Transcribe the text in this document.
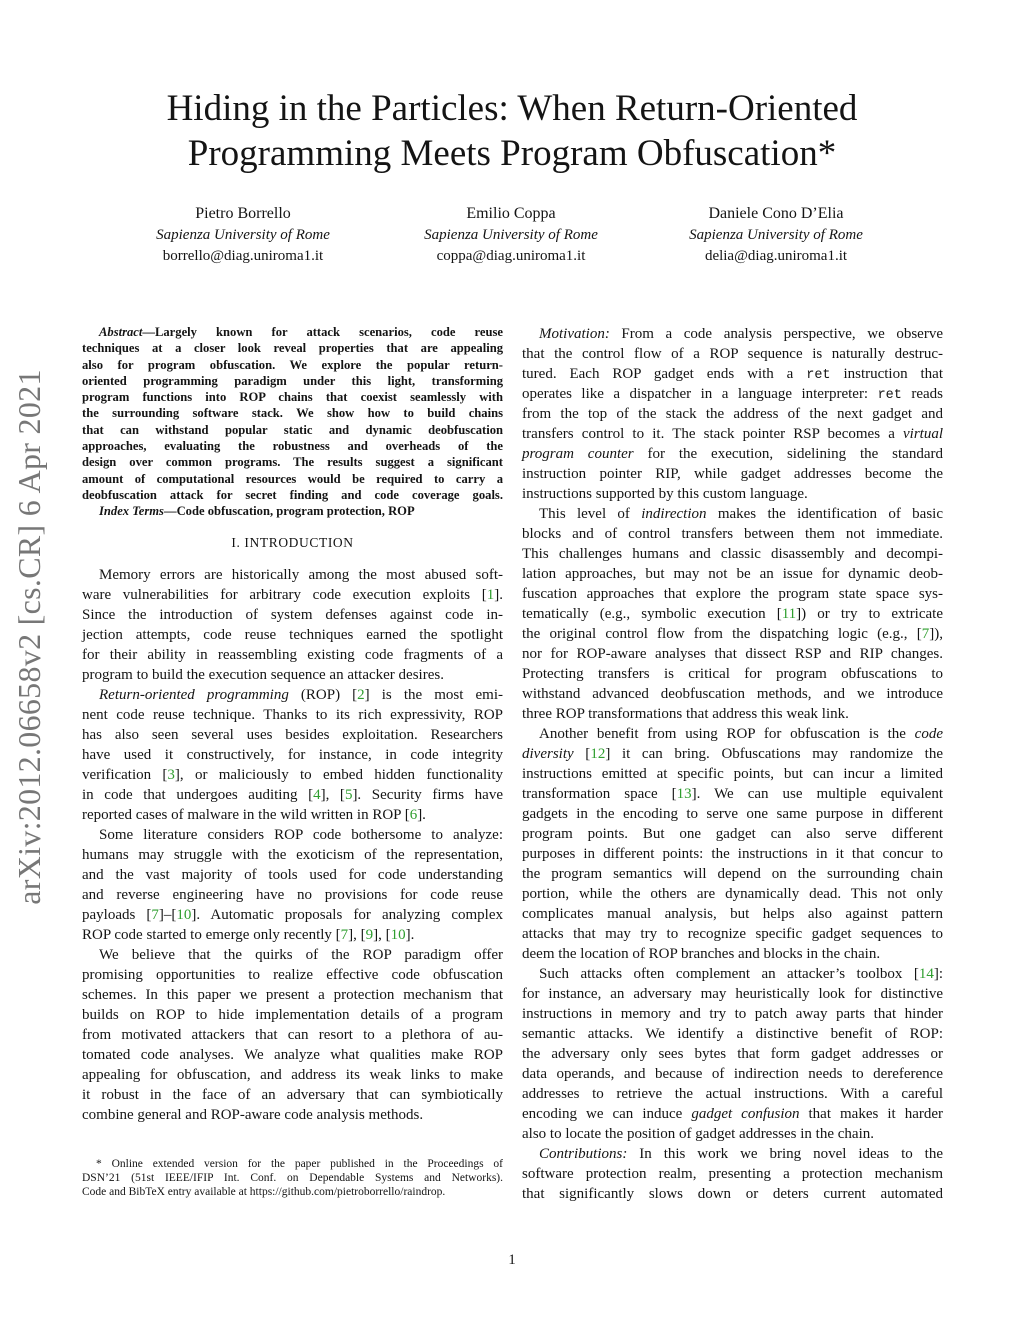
arXiv:2012.06658v2 [cs.CR] 6 Apr 2021
Hiding in the Particles: When Return-Oriented
Programming Meets Program Obfuscation*
Pietro Borrello
Sapienza University of Rome
borrello@diag.uniroma1.it
Emilio Coppa
Sapienza University of Rome
coppa@diag.uniroma1.it
Daniele Cono D’Elia
Sapienza University of Rome
delia@diag.uniroma1.it
Abstract—Largely known for attack scenarios, code reuse
techniques at a closer look reveal properties that are appealing
also for program obfuscation. We explore the popular return-
oriented programming paradigm under this light, transforming
program functions into ROP chains that coexist seamlessly with
the surrounding software stack. We show how to build chains
that can withstand popular static and dynamic deobfuscation
approaches, evaluating the robustness and overheads of the
design over common programs. The results suggest a significant
amount of computational resources would be required to carry a
deobfuscation attack for secret finding and code coverage goals.
Index Terms—Code obfuscation, program protection, ROP
I. INTRODUCTION
Memory errors are historically among the most abused soft-
ware vulnerabilities for arbitrary code execution exploits [1].
Since the introduction of system defenses against code in-
jection attempts, code reuse techniques earned the spotlight
for their ability in reassembling existing code fragments of a
program to build the execution sequence an attacker desires.
Return-oriented programming (ROP) [2] is the most emi-
nent code reuse technique. Thanks to its rich expressivity, ROP
has also seen several uses besides exploitation. Researchers
have used it constructively, for instance, in code integrity
verification [3], or maliciously to embed hidden functionality
in code that undergoes auditing [4], [5]. Security firms have
reported cases of malware in the wild written in ROP [6].
Some literature considers ROP code bothersome to analyze:
humans may struggle with the exoticism of the representation,
and the vast majority of tools used for code understanding
and reverse engineering have no provisions for code reuse
payloads [7]–[10]. Automatic proposals for analyzing complex
ROP code started to emerge only recently [7], [9], [10].
We believe that the quirks of the ROP paradigm offer
promising opportunities to realize effective code obfuscation
schemes. In this paper we present a protection mechanism that
builds on ROP to hide implementation details of a program
from motivated attackers that can resort to a plethora of au-
tomated code analyses. We analyze what qualities make ROP
appealing for obfuscation, and address its weak links to make
it robust in the face of an adversary that can symbiotically
combine general and ROP-aware code analysis methods.
* Online extended version for the paper published in the Proceedings of
DSN’21 (51st IEEE/IFIP Int. Conf. on Dependable Systems and Networks).
Code and BibTeX entry available at https://github.com/pietroborrello/raindrop.
Motivation: From a code analysis perspective, we observe
that the control flow of a ROP sequence is naturally destruc-
tured. Each ROP gadget ends with a ret instruction that
operates like a dispatcher in a language interpreter: ret reads
from the top of the stack the address of the next gadget and
transfers control to it. The stack pointer RSP becomes a virtual
program counter for the execution, sidelining the standard
instruction pointer RIP, while gadget addresses become the
instructions supported by this custom language.
This level of indirection makes the identification of basic
blocks and of control transfers between them not immediate.
This challenges humans and classic disassembly and decompi-
lation approaches, but may not be an issue for dynamic deob-
fuscation approaches that explore the program state space sys-
tematically (e.g., symbolic execution [11]) or try to extricate
the original control flow from the dispatching logic (e.g., [7]),
nor for ROP-aware analyses that dissect RSP and RIP changes.
Protecting transfers is critical for program obfuscations to
withstand advanced deobfuscation methods, and we introduce
three ROP transformations that address this weak link.
Another benefit from using ROP for obfuscation is the code
diversity [12] it can bring. Obfuscations may randomize the
instructions emitted at specific points, but can incur a limited
transformation space [13]. We can use multiple equivalent
gadgets in the encoding to serve one same purpose in different
program points. But one gadget can also serve different
purposes in different points: the instructions in it that concur to
the program semantics will depend on the surrounding chain
portion, while the others are dynamically dead. This not only
complicates manual analysis, but helps also against pattern
attacks that may try to recognize specific gadget sequences to
deem the location of ROP branches and blocks in the chain.
Such attacks often complement an attacker’s toolbox [14]:
for instance, an adversary may heuristically look for distinctive
instructions in memory and try to patch away parts that hinder
semantic attacks. We identify a distinctive benefit of ROP:
the adversary only sees bytes that form gadget addresses or
data operands, and because of indirection needs to dereference
addresses to retrieve the actual instructions. With a careful
encoding we can induce gadget confusion that makes it harder
also to locate the position of gadget addresses in the chain.
Contributions: In this work we bring novel ideas to the
software protection realm, presenting a protection mechanism
that significantly slows down or deters current automated
1
